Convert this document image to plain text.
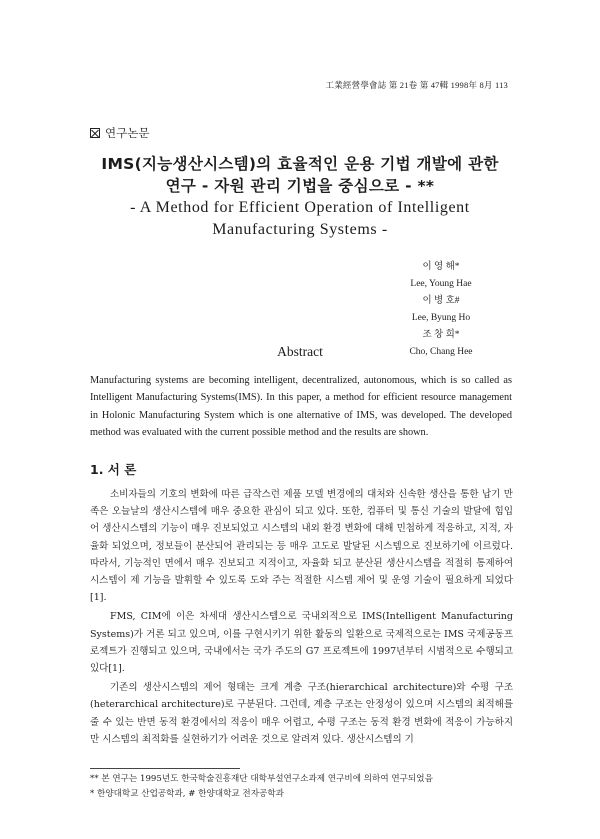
工業經營學會誌 第 21卷 第 47輯 1998年 8月 113
연구논문
IMS(지능생산시스템)의 효율적인 운용 기법 개발에 관한
연구 - 자원 관리 기법을 중심으로 - **
- A Method for Efficient Operation of Intelligent
Manufacturing Systems -
이 영 해*
Lee, Young Hae
이 병 호#
Lee, Byung Ho
조 창 희*
Cho, Chang Hee
Abstract
Manufacturing systems are becoming intelligent, decentralized, autonomous, which is so called as Intelligent Manufacturing Systems(IMS). In this paper, a method for efficient resource management in Holonic Manufacturing System which is one alternative of IMS, was developed. The developed method was evaluated with the current possible method and the results are shown.
1. 서 론

소비자들의 기호의 변화에 따른 급작스런 제품 모델 변경에의 대처와 신속한 생산을 통한 납기 만족은 오늘날의 생산시스템에 매우 중요한 관심이 되고 있다. 또한, 컴퓨터 및 통신 기술의 발달에 힘입어 생산시스템의 기능이 매우 진보되었고 시스템의 내외 환경 변화에 대해 민첩하게 적응하고, 지적, 자율화 되었으며, 정보들이 분산되어 관리되는 등 매우 고도로 발달된 시스템으로 진보하기에 이르렀다. 따라서, 기능적인 면에서 매우 진보되고 지적이고, 자율화 되고 분산된 생산시스템을 적절히 통제하여 시스템이 제 기능을 발휘할 수 있도록 도와 주는 적절한 시스템 제어 및 운영 기술이 필요하게 되었다[1].

FMS, CIM에 이은 차세대 생산시스템으로 국내외적으로 IMS(Intelligent Manufacturing Systems)가 거론 되고 있으며, 이를 구현시키기 위한 활동의 일환으로 국제적으로는 IMS 국제공동프로젝트가 진행되고 있으며, 국내에서는 국가 주도의 G7 프로젝트에 1997년부터 시범적으로 수행되고 있다[1].

기존의 생산시스템의 제어 형태는 크게 계층 구조(hierarchical architecture)와 수평 구조(heterarchical architecture)로 구분된다. 그런데, 계층 구조는 안정성이 있으며 시스템의 최적해를 줄 수 있는 반면 동적 환경에서의 적응이 매우 어렵고, 수평 구조는 동적 환경 변화에 적응이 가능하지만 시스템의 최적화를 실현하기가 어려운 것으로 알려져 있다. 생산시스템의 기

** 본 연구는 1995년도 한국학술진흥재단 대학부설연구소과제 연구비에 의하여 연구되었음
* 한양대학교 산업공학과, # 한양대학교 전자공학과
